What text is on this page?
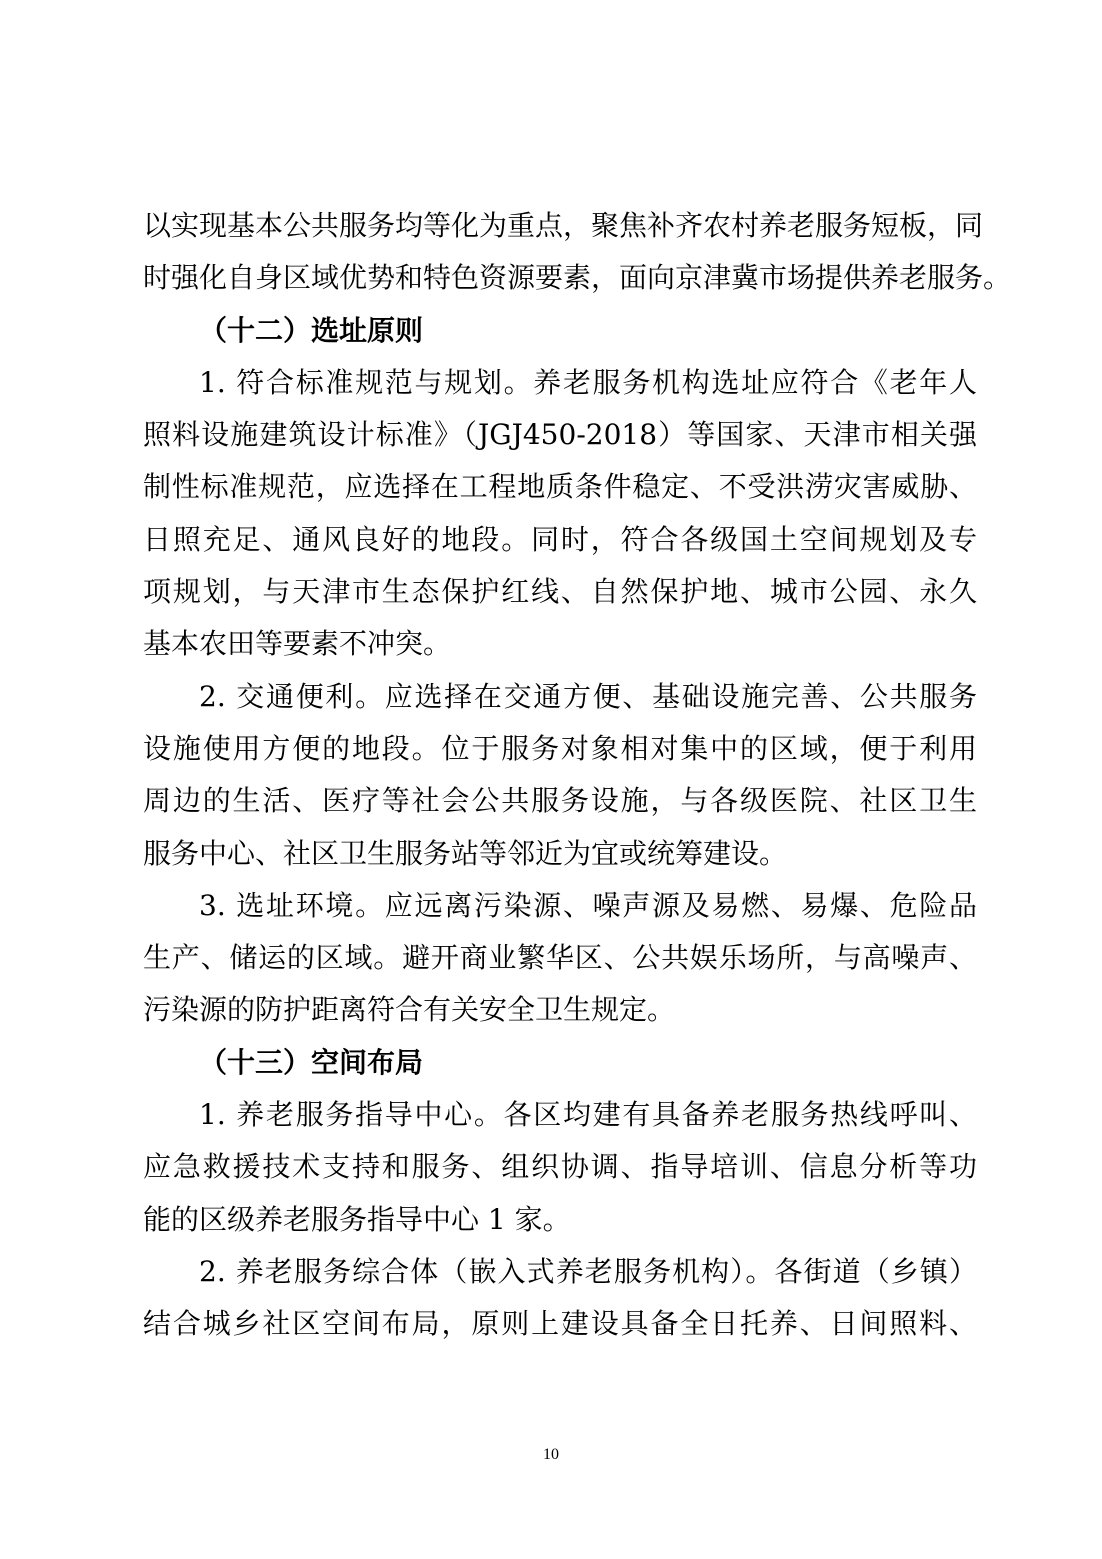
以实现基本公共服务均等化为重点，聚焦补齐农村养老服务短板，同
时强化自身区域优势和特色资源要素，面向京津冀市场提供养老服务。
（十二）选址原则
1. 符合标准规范与规划。养老服务机构选址应符合《老年人
照料设施建筑设计标准》（JGJ450-2018）等国家、天津市相关强
制性标准规范，应选择在工程地质条件稳定、不受洪涝灾害威胁、
日照充足、通风良好的地段。同时，符合各级国土空间规划及专
项规划，与天津市生态保护红线、自然保护地、城市公园、永久
基本农田等要素不冲突。
2. 交通便利。应选择在交通方便、基础设施完善、公共服务
设施使用方便的地段。位于服务对象相对集中的区域，便于利用
周边的生活、医疗等社会公共服务设施，与各级医院、社区卫生
服务中心、社区卫生服务站等邻近为宜或统筹建设。
3. 选址环境。应远离污染源、噪声源及易燃、易爆、危险品
生产、储运的区域。避开商业繁华区、公共娱乐场所，与高噪声、
污染源的防护距离符合有关安全卫生规定。
（十三）空间布局
1. 养老服务指导中心。各区均建有具备养老服务热线呼叫、
应急救援技术支持和服务、组织协调、指导培训、信息分析等功
能的区级养老服务指导中心 1 家。
2. 养老服务综合体（嵌入式养老服务机构）。各街道（乡镇）
结合城乡社区空间布局，原则上建设具备全日托养、日间照料、
10
